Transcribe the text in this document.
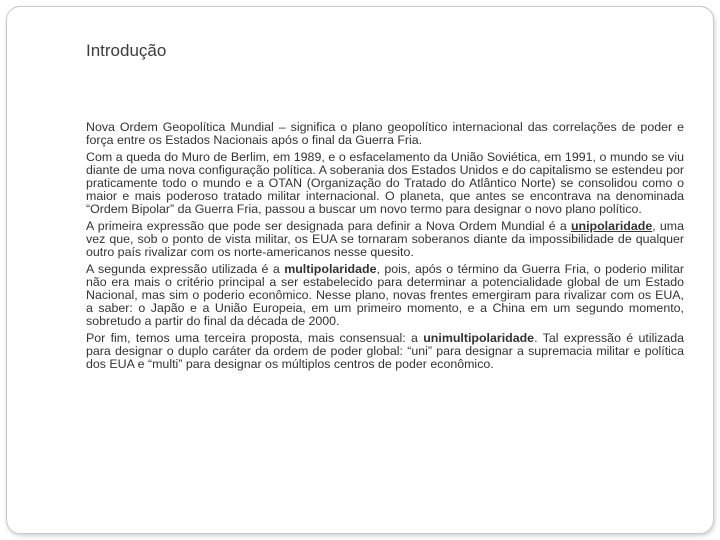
Introdução

Nova Ordem Geopolítica Mundial – significa o plano geopolítico internacional das correlações de poder e força entre os Estados Nacionais após o final da Guerra Fria.

Com a queda do Muro de Berlim, em 1989, e o esfacelamento da União Soviética, em 1991, o mundo se viu diante de uma nova configuração política. A soberania dos Estados Unidos e do capitalismo se estendeu por praticamente todo o mundo e a OTAN (Organização do Tratado do Atlântico Norte) se consolidou como o maior e mais poderoso tratado militar internacional. O planeta, que antes se encontrava na denominada “Ordem Bipolar” da Guerra Fria, passou a buscar um novo termo para designar o novo plano político.

A primeira expressão que pode ser designada para definir a Nova Ordem Mundial é a unipolaridade, uma vez que, sob o ponto de vista militar, os EUA se tornaram soberanos diante da impossibilidade de qualquer outro país rivalizar com os norte-americanos nesse quesito.

A segunda expressão utilizada é a multipolaridade, pois, após o término da Guerra Fria, o poderio militar não era mais o critério principal a ser estabelecido para determinar a potencialidade global de um Estado Nacional, mas sim o poderio econômico. Nesse plano, novas frentes emergiram para rivalizar com os EUA, a saber: o Japão e a União Europeia, em um primeiro momento, e a China em um segundo momento, sobretudo a partir do final da década de 2000.

Por fim, temos uma terceira proposta, mais consensual: a unimultipolaridade. Tal expressão é utilizada para designar o duplo caráter da ordem de poder global: “uni” para designar a supremacia militar e política dos EUA e “multi” para designar os múltiplos centros de poder econômico.
